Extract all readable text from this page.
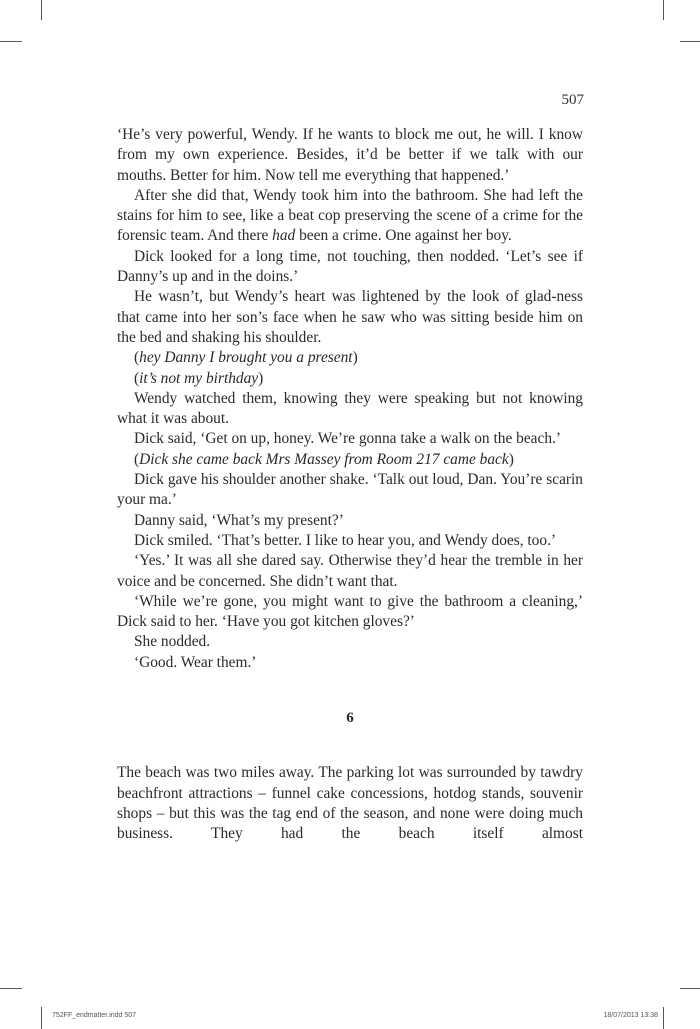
507

‘He’s very powerful, Wendy. If he wants to block me out, he will. I know from my own experience. Besides, it’d be better if we talk with our mouths. Better for him. Now tell me everything that happened.’

After she did that, Wendy took him into the bathroom. She had left the stains for him to see, like a beat cop preserving the scene of a crime for the forensic team. And there had been a crime. One against her boy.

Dick looked for a long time, not touching, then nodded. ‘Let’s see if Danny’s up and in the doins.’

He wasn’t, but Wendy’s heart was lightened by the look of glad-ness that came into her son’s face when he saw who was sitting beside him on the bed and shaking his shoulder.

(hey Danny I brought you a present)

(it’s not my birthday)

Wendy watched them, knowing they were speaking but not knowing what it was about.

Dick said, ‘Get on up, honey. We’re gonna take a walk on the beach.’

(Dick she came back Mrs Massey from Room 217 came back)

Dick gave his shoulder another shake. ‘Talk out loud, Dan. You’re scarin your ma.’

Danny said, ‘What’s my present?’

Dick smiled. ‘That’s better. I like to hear you, and Wendy does, too.’

‘Yes.’ It was all she dared say. Otherwise they’d hear the tremble in her voice and be concerned. She didn’t want that.

‘While we’re gone, you might want to give the bathroom a cleaning,’ Dick said to her. ‘Have you got kitchen gloves?’

She nodded.

‘Good. Wear them.’

6

The beach was two miles away. The parking lot was surrounded by tawdry beachfront attractions – funnel cake concessions, hotdog stands, souvenir shops – but this was the tag end of the season, and none were doing much business. They had the beach itself almost

752FF_endmatter.indd 507	18/07/2013 13:38
